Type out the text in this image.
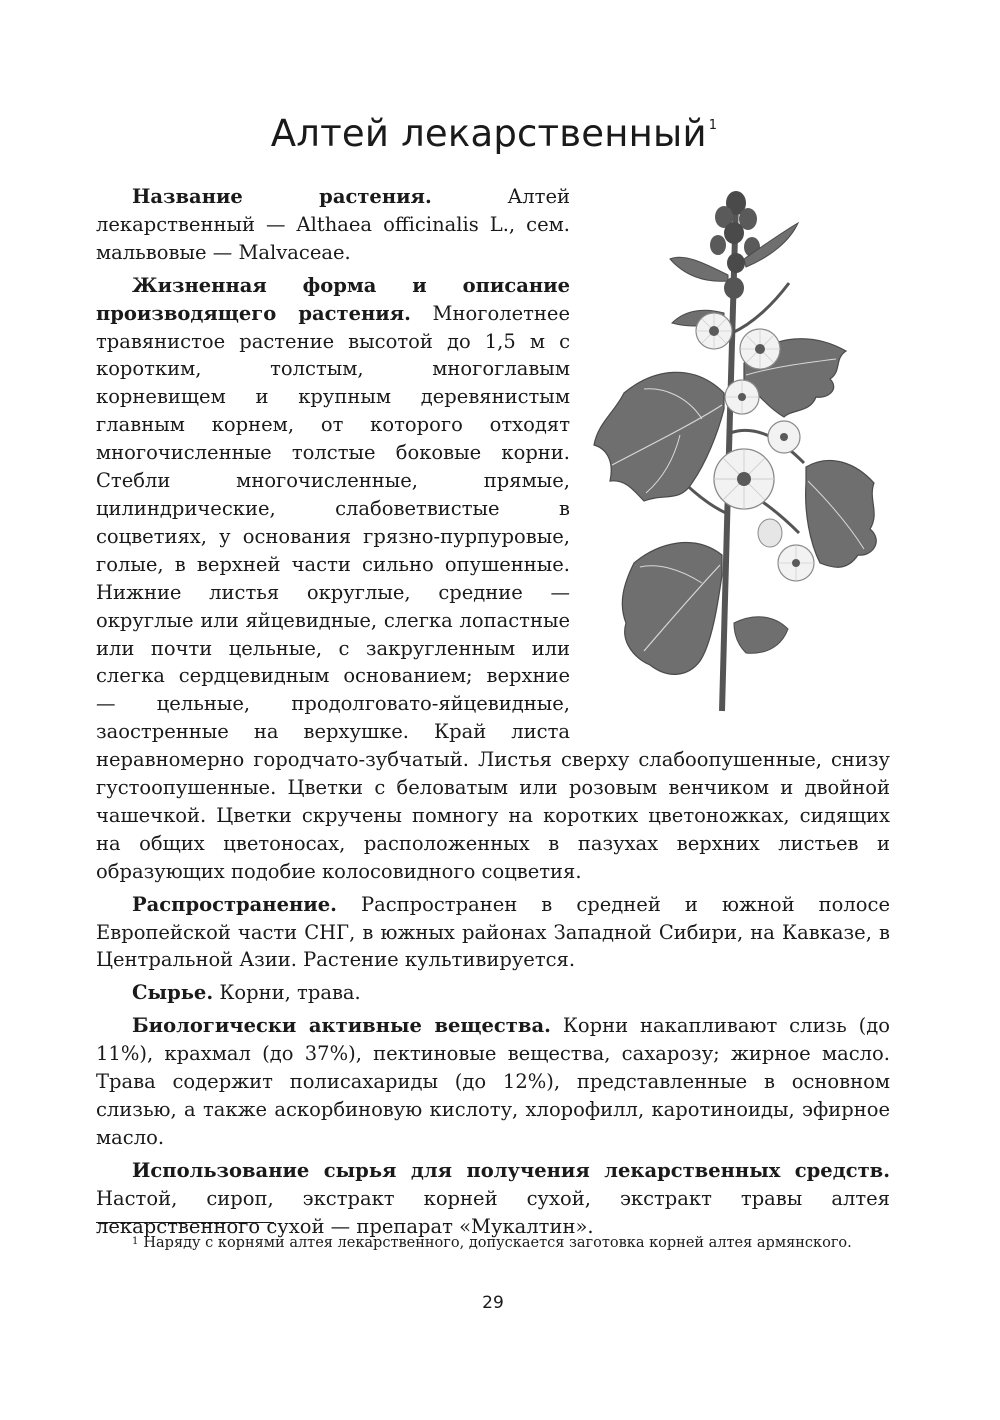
Алтей лекарственный $^1$

Название растения.	Алтей лекарственный — Althaea officinalis L., сем. мальвовые — Malvaceae.

Жизненная форма и описание производящего растения. Многолетнее травянистое растение высотой до 1,5 м с коротким, толстым, многоглавым корневищем и крупным деревянистым главным корнем, от которого отходят многочисленные толстые боковые корни. Стебли многочисленные, прямые, цилиндрические, слабоветвистые в соцветиях, у основания грязно-пурпуровые, голые, в верхней части сильно опушенные. Нижние листья округлые, средние — округлые или яйцевидные, слегка лопастные или почти цельные, с закругленным или слегка сердцевидным основанием; верхние — цельные, продолговато-яйцевидные, заостренные на верхушке. Край листа неравномерно городчато-зубчатый. Листья сверху слабоопушенные, снизу густоопушенные. Цветки с беловатым или розовым венчиком и двойной чашечкой. Цветки скручены помногу на коротких цветоножках, сидящих на общих цветоносах, расположенных в пазухах верхних листьев и образующих подобие колосовидного соцветия.

Распространение. Распространен в средней и южной полосе Европейской части СНГ, в южных районах Западной Сибири, на Кавказе, в Центральной Азии. Растение культивируется.

Сырье. Корни, трава.

Биологически активные вещества. Корни накапливают слизь (до 11%), крахмал (до 37%), пектиновые вещества, сахарозу; жирное масло. Трава содержит полисахариды (до 12%), представленные в основном слизью, а также аскорбиновую кислоту, хлорофилл, каротиноиды, эфирное масло.

Использование сырья для получения лекарственных средств. Настой, сироп, экстракт корней сухой, экстракт травы алтея лекарственного сухой — препарат «Мукалтин».

$^1$ Наряду с корнями алтея лекарственного, допускается заготовка корней алтея армянского.

29
